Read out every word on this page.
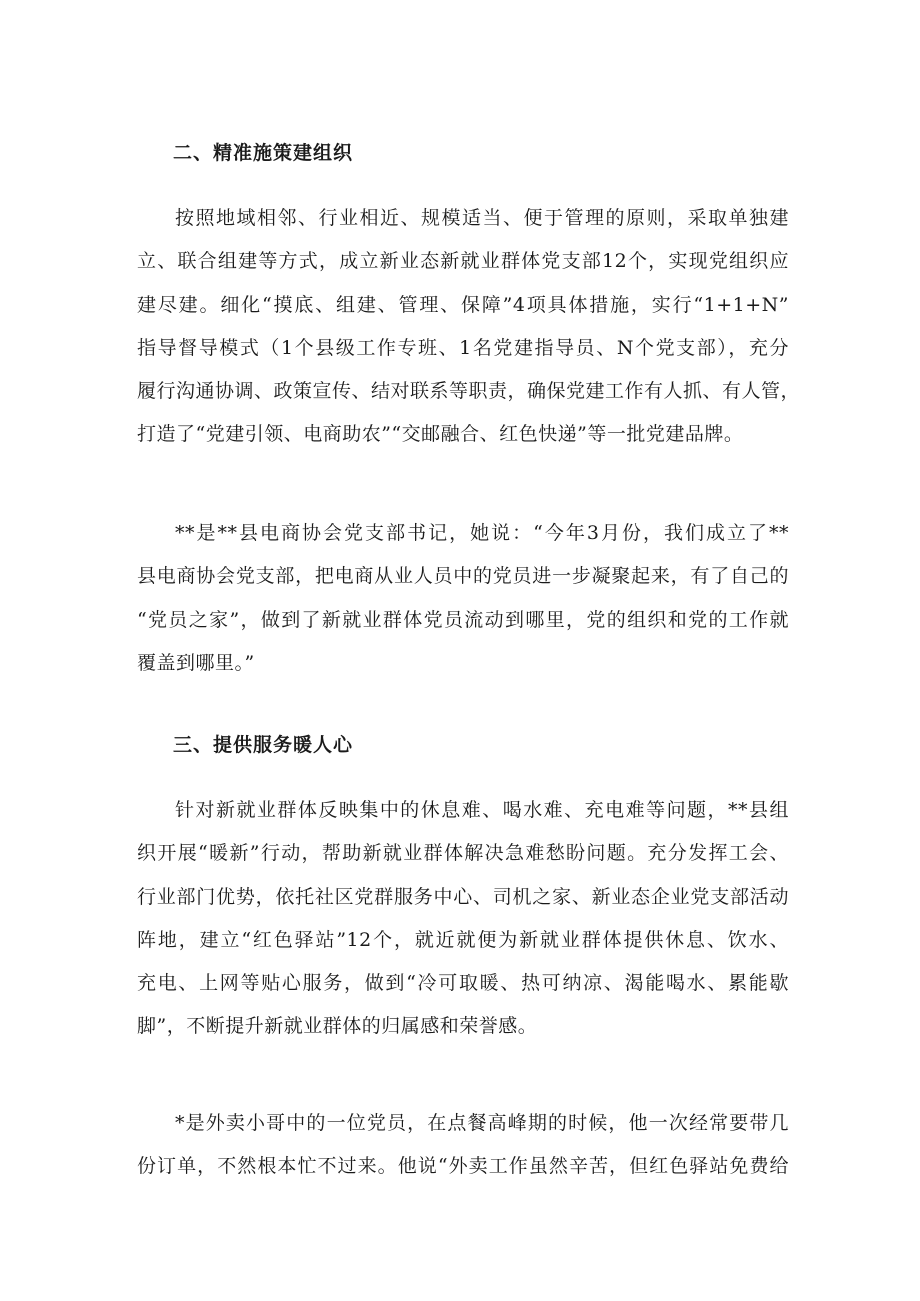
二、精准施策建组织
按照地域相邻、行业相近、规模适当、便于管理的原则，采取单独建
立、联合组建等方式，成立新业态新就业群体党支部12个，实现党组织应
建尽建。细化“摸底、组建、管理、保障”4项具体措施，实行“1+1+N”
指导督导模式（1个县级工作专班、1名党建指导员、N个党支部），充分
履行沟通协调、政策宣传、结对联系等职责，确保党建工作有人抓、有人管，
打造了“党建引领、电商助农”“交邮融合、红色快递”等一批党建品牌。
**是**县电商协会党支部书记，她说：“今年3月份，我们成立了**
县电商协会党支部，把电商从业人员中的党员进一步凝聚起来，有了自己的
“党员之家”，做到了新就业群体党员流动到哪里，党的组织和党的工作就
覆盖到哪里。”
三、提供服务暖人心
针对新就业群体反映集中的休息难、喝水难、充电难等问题，**县组
织开展“暖新”行动，帮助新就业群体解决急难愁盼问题。充分发挥工会、
行业部门优势，依托社区党群服务中心、司机之家、新业态企业党支部活动
阵地，建立“红色驿站”12个，就近就便为新就业群体提供休息、饮水、
充电、上网等贴心服务，做到“冷可取暖、热可纳凉、渴能喝水、累能歇
脚”，不断提升新就业群体的归属感和荣誉感。
*是外卖小哥中的一位党员，在点餐高峰期的时候，他一次经常要带几
份订单，不然根本忙不过来。他说“外卖工作虽然辛苦，但红色驿站免费给
